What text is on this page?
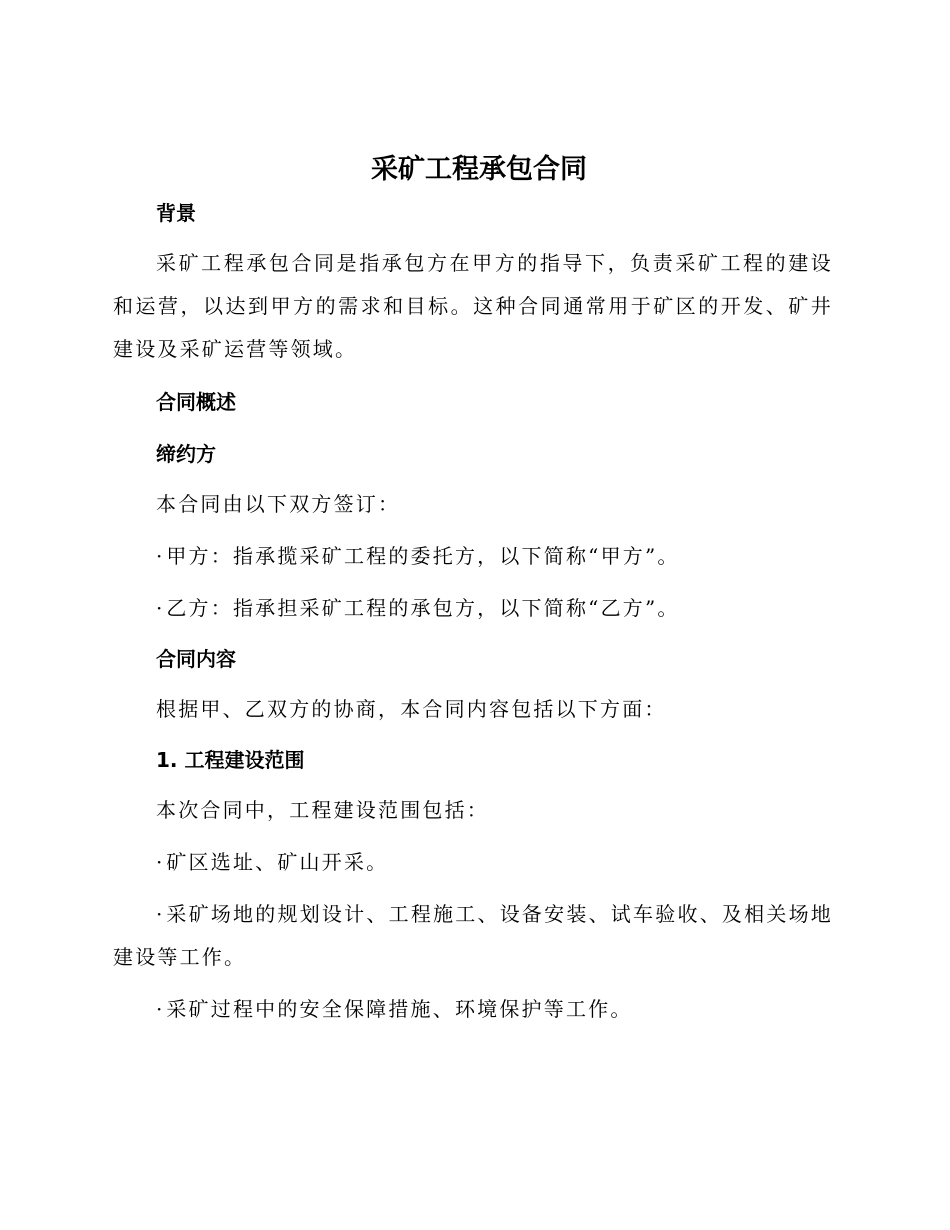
采矿工程承包合同
背景

采矿工程承包合同是指承包方在甲方的指导下，负责采矿工程的建设和运营，以达到甲方的需求和目标。这种合同通常用于矿区的开发、矿井建设及采矿运营等领域。

合同概述
缔约方

本合同由以下双方签订：

· 甲方：指承揽采矿工程的委托方，以下简称“甲方”。

· 乙方：指承担采矿工程的承包方，以下简称“乙方”。

合同内容

根据甲、乙双方的协商，本合同内容包括以下方面：

1. 工程建设范围

本次合同中，工程建设范围包括：

· 矿区选址、矿山开采。

· 采矿场地的规划设计、工程施工、设备安装、试车验收、及相关场地建设等工作。

· 采矿过程中的安全保障措施、环境保护等工作。
